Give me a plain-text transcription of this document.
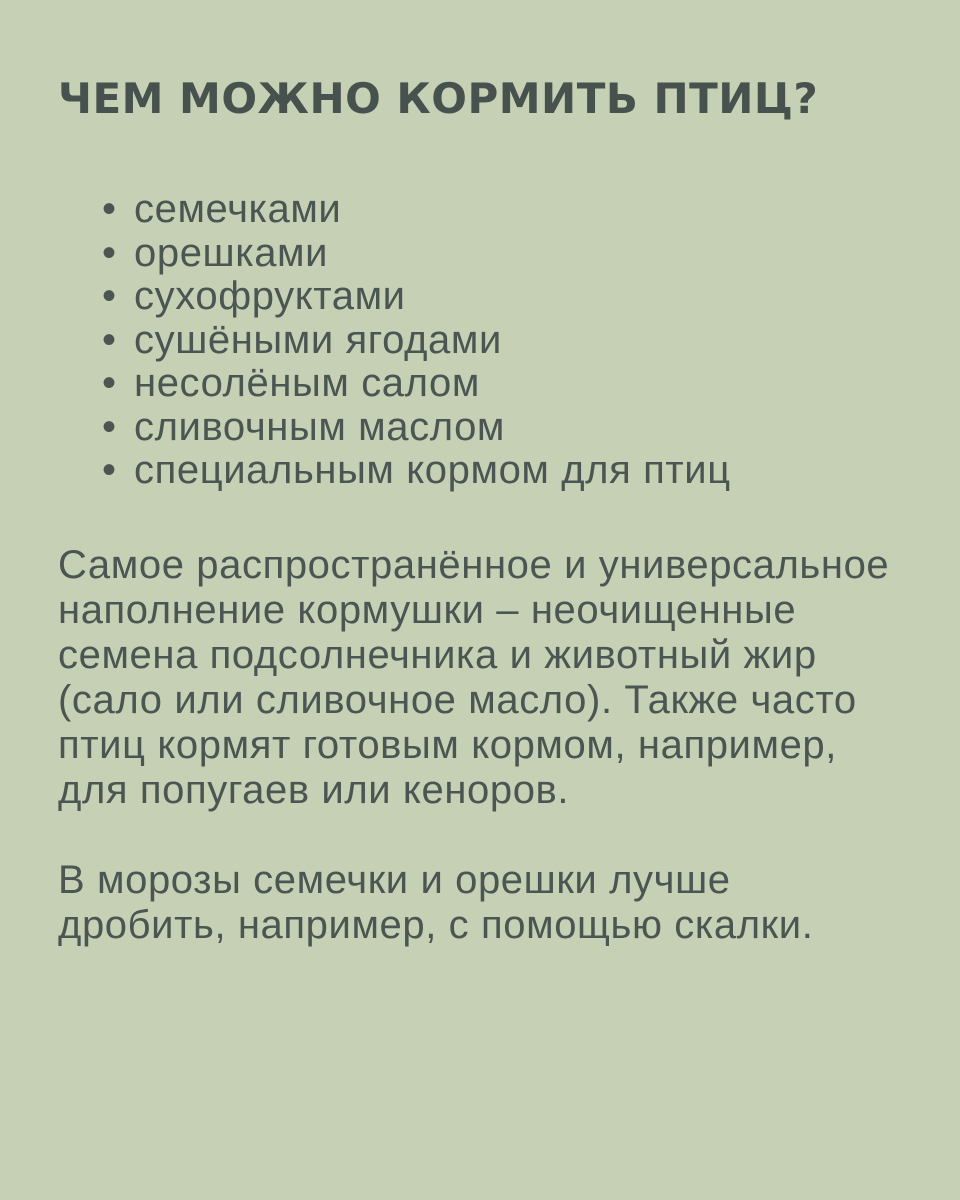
ЧЕМ МОЖНО КОРМИТЬ ПТИЦ?
• семечками
• орешками
• сухофруктами
• сушёными ягодами
• несолёным салом
• сливочным маслом
• специальным кормом для птиц

Самое распространённое и универсальное наполнение кормушки – неочищенные семена подсолнечника и животный жир (сало или сливочное масло). Также часто птиц кормят готовым кормом, например, для попугаев или кеноров.

В морозы семечки и орешки лучше дробить, например, с помощью скалки.
